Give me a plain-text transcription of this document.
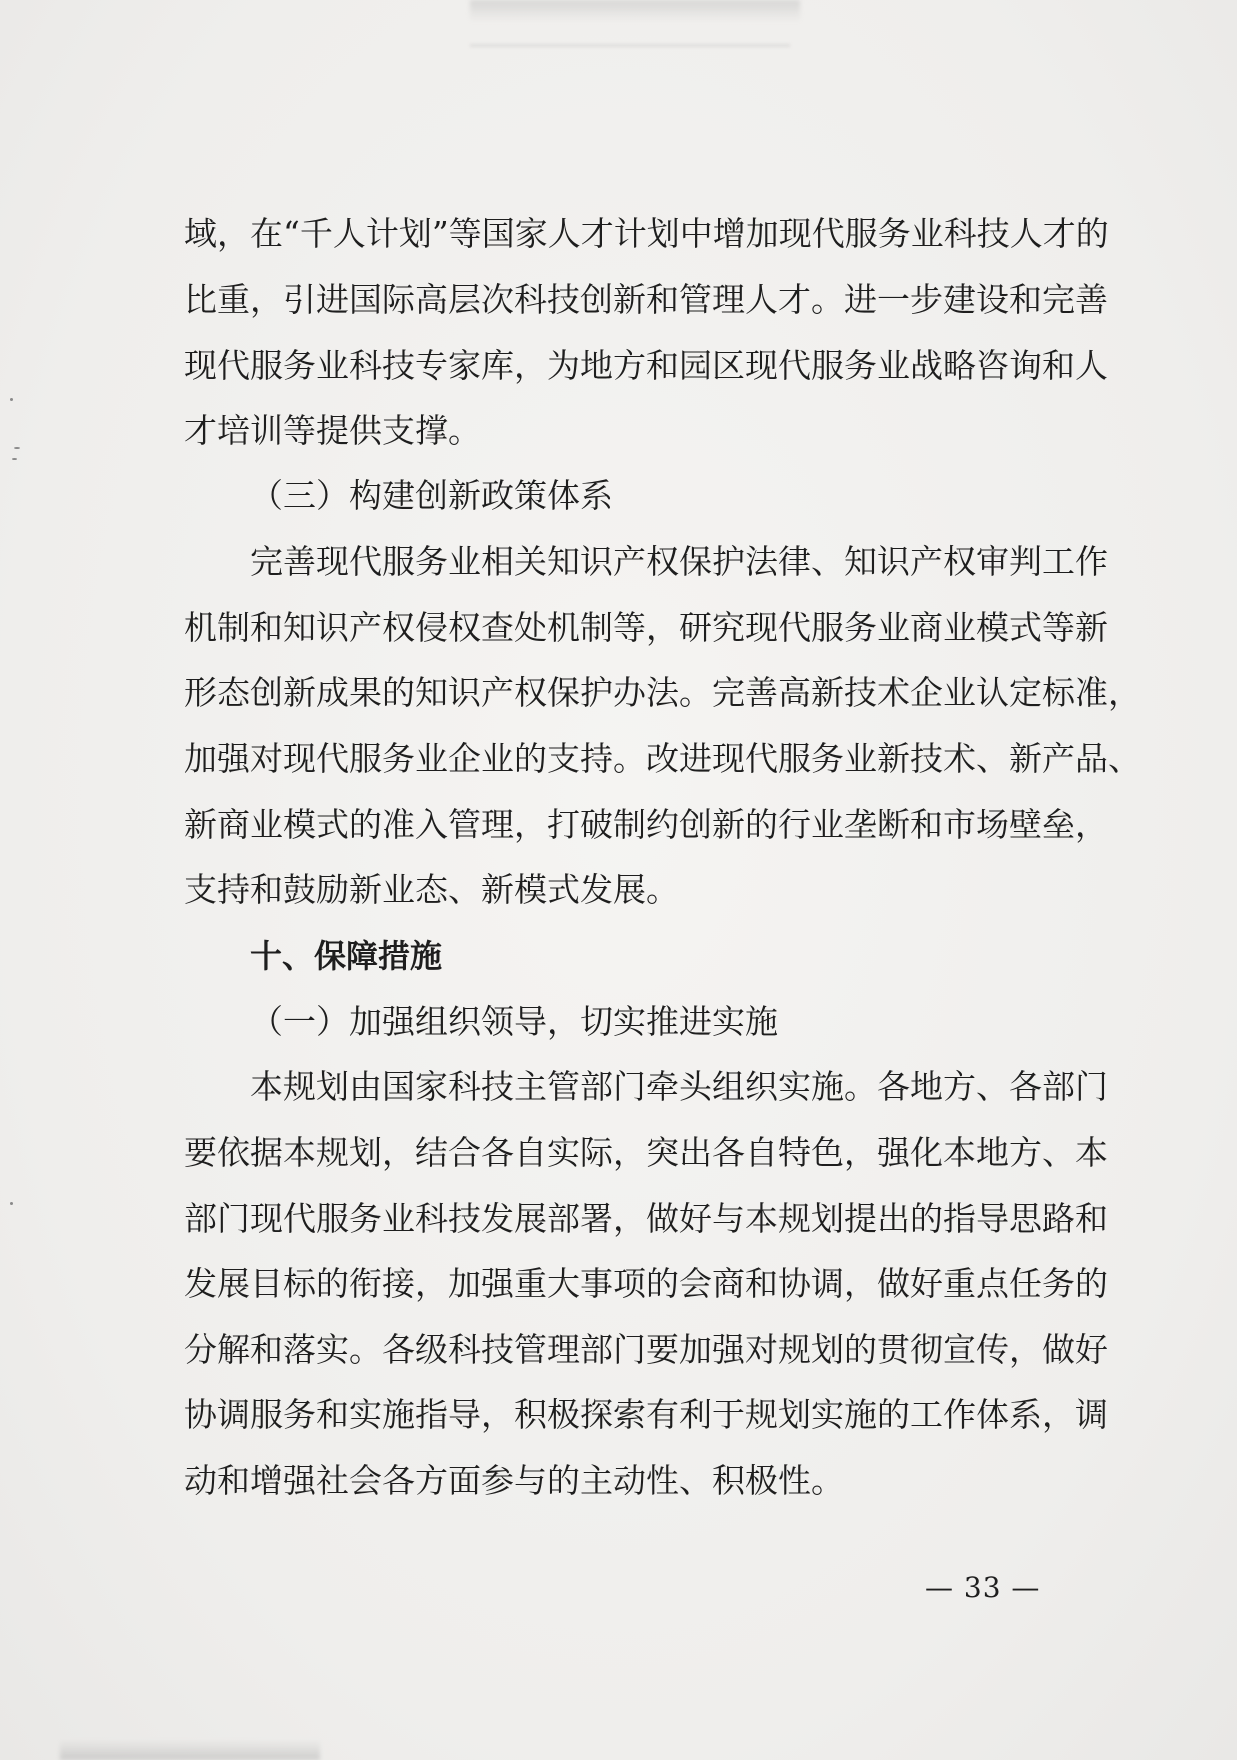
域，在“千人计划”等国家人才计划中增加现代服务业科技人才的
比重，引进国际高层次科技创新和管理人才。进一步建设和完善
现代服务业科技专家库，为地方和园区现代服务业战略咨询和人
才培训等提供支撑。
（三）构建创新政策体系
完善现代服务业相关知识产权保护法律、知识产权审判工作
机制和知识产权侵权查处机制等，研究现代服务业商业模式等新
形态创新成果的知识产权保护办法。完善高新技术企业认定标准，
加强对现代服务业企业的支持。改进现代服务业新技术、新产品、
新商业模式的准入管理，打破制约创新的行业垄断和市场壁垒，
支持和鼓励新业态、新模式发展。
十、保障措施
（一）加强组织领导，切实推进实施
本规划由国家科技主管部门牵头组织实施。各地方、各部门
要依据本规划，结合各自实际，突出各自特色，强化本地方、本
部门现代服务业科技发展部署，做好与本规划提出的指导思路和
发展目标的衔接，加强重大事项的会商和协调，做好重点任务的
分解和落实。各级科技管理部门要加强对规划的贯彻宣传，做好
协调服务和实施指导，积极探索有利于规划实施的工作体系，调
动和增强社会各方面参与的主动性、积极性。
— 33 —
